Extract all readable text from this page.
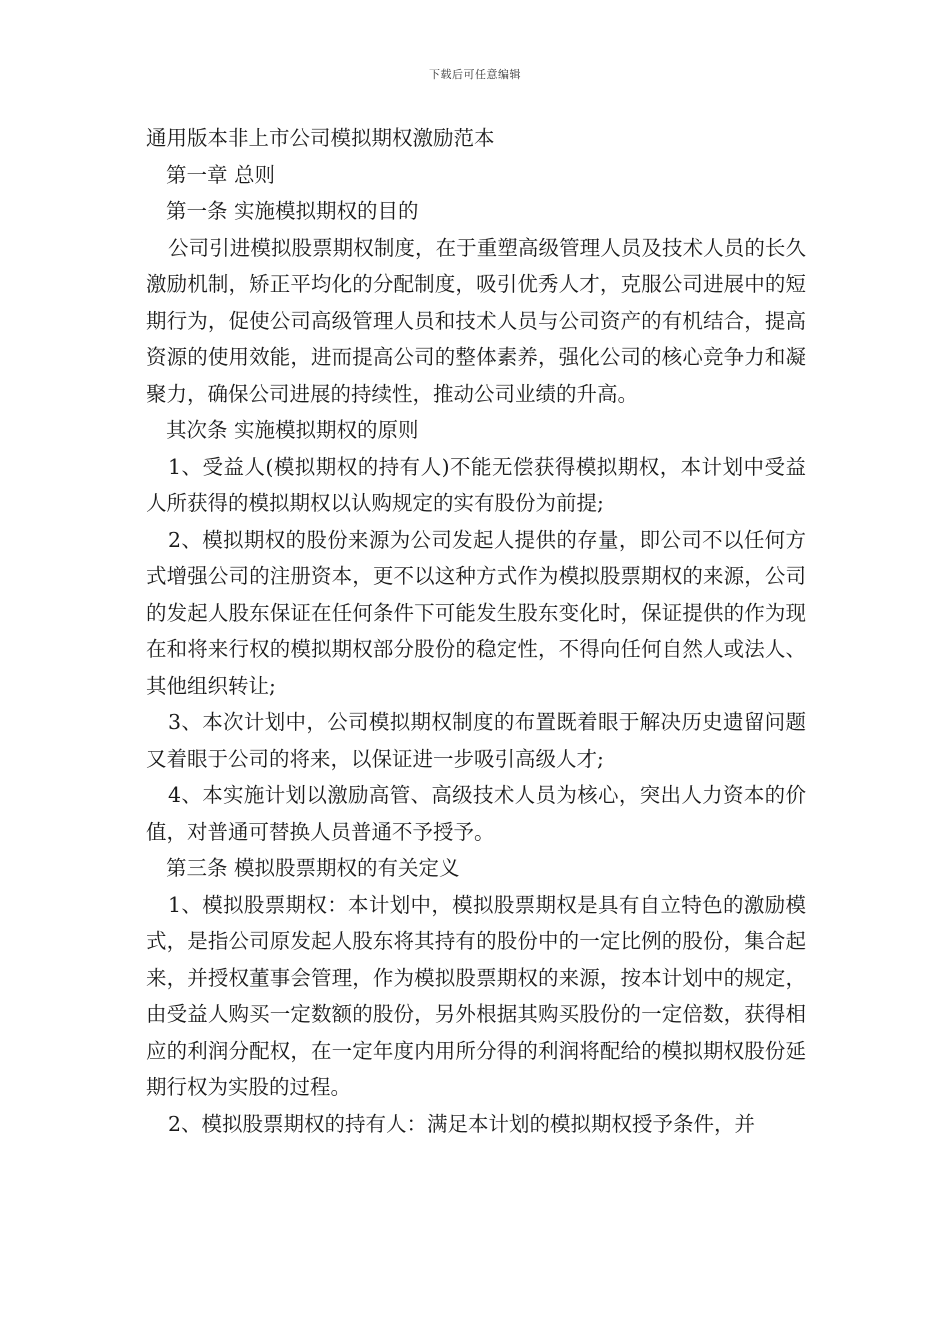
下载后可任意编辑

通用版本非上市公司模拟期权激励范本

第一章 总则

第一条 实施模拟期权的目的

公司引进模拟股票期权制度，在于重塑高级管理人员及技术人员的长久激励机制，矫正平均化的分配制度，吸引优秀人才，克服公司进展中的短期行为，促使公司高级管理人员和技术人员与公司资产的有机结合，提高资源的使用效能，进而提高公司的整体素养，强化公司的核心竞争力和凝聚力，确保公司进展的持续性，推动公司业绩的升高。

其次条 实施模拟期权的原则

1、受益人(模拟期权的持有人)不能无偿获得模拟期权，本计划中受益人所获得的模拟期权以认购规定的实有股份为前提;

2、模拟期权的股份来源为公司发起人提供的存量，即公司不以任何方式增强公司的注册资本，更不以这种方式作为模拟股票期权的来源，公司的发起人股东保证在任何条件下可能发生股东变化时，保证提供的作为现在和将来行权的模拟期权部分股份的稳定性，不得向任何自然人或法人、其他组织转让;

3、本次计划中，公司模拟期权制度的布置既着眼于解决历史遗留问题又着眼于公司的将来，以保证进一步吸引高级人才;

4、本实施计划以激励高管、高级技术人员为核心，突出人力资本的价值，对普通可替换人员普通不予授予。

第三条 模拟股票期权的有关定义

1、模拟股票期权：本计划中，模拟股票期权是具有自立特色的激励模式，是指公司原发起人股东将其持有的股份中的一定比例的股份，集合起来，并授权董事会管理，作为模拟股票期权的来源，按本计划中的规定，由受益人购买一定数额的股份，另外根据其购买股份的一定倍数，获得相应的利润分配权，在一定年度内用所分得的利润将配给的模拟期权股份延期行权为实股的过程。

2、模拟股票期权的持有人：满足本计划的模拟期权授予条件，并
